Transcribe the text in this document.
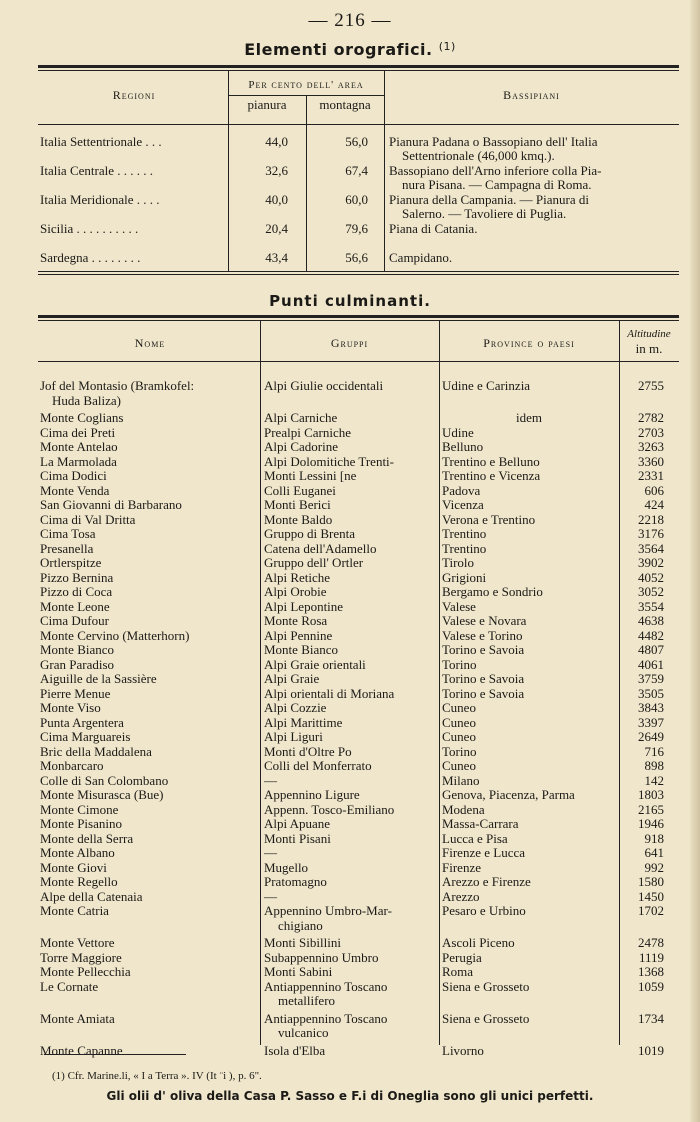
— 216 —
Elementi orografici. $^{(1)}$
Regioni
Per cento dell' area
pianura	montagna
Bassipiani
Italia Settentrionale . . .	44,0	56,0 Pianura Padana o Bassopiano dell' Italia
Settentrionale (46,000 kmq.).
Italia Centrale . . . . . .	32,6	67,4 Bassopiano dell'Arno inferiore colla Pia-
nura Pisana. — Campagna di Roma.
Italia Meridionale . . . .	40,0	60,0 Pianura della Campania. — Pianura di
Salerno. — Tavoliere di Puglia.
Sicilia . . . . . . . . . .	20,4	79,6 Piana di Catania.
Sardegna . . . . . . . .	43,4	56,6 Campidano.
Punti culminanti.
Nome	Gruppi	Province o paesi
Altitudine
in m.
Jof del Montasio (Bramkofel:
Huda Baliza)
Alpi Giulie occidentali	Udine e Carinzia	2755
Monte Coglians	Alpi Carniche	idem	2782
Cima dei Preti	Prealpi Carniche	Udine	2703
Monte Antelao	Alpi Cadorine	Belluno	3263
La Marmolada	Alpi Dolomitiche Trenti-	Trentino e Belluno	3360
Cima Dodici	Monti Lessini [ne	Trentino e Vicenza	2331
Monte Venda	Colli Euganei	Padova	606
San Giovanni di Barbarano	Monti Berici	Vicenza	424
Cima di Val Dritta	Monte Baldo	Verona e Trentino	2218
Cima Tosa	Gruppo di Brenta	Trentino	3176
Presanella	Catena dell'Adamello	Trentino	3564
Ortlerspitze	Gruppo dell' Ortler	Tirolo	3902
Pizzo Bernina	Alpi Retiche	Grigioni	4052
Pizzo di Coca	Alpi Orobie	Bergamo e Sondrio	3052
Monte Leone	Alpi Lepontine	Valese	3554
Cima Dufour	Monte Rosa	Valese e Novara	4638
Monte Cervino (Matterhorn)	Alpi Pennine	Valese e Torino	4482
Monte Bianco	Monte Bianco	Torino e Savoia	4807
Gran Paradiso	Alpi Graie orientali	Torino	4061
Aiguille de la Sassière	Alpi Graie	Torino e Savoia	3759
Pierre Menue	Alpi orientali di Moriana	Torino e Savoia	3505
Monte Viso	Alpi Cozzie	Cuneo	3843
Punta Argentera	Alpi Marittime	Cuneo	3397
Cima Marguareis	Alpi Liguri	Cuneo	2649
Bric della Maddalena	Monti d'Oltre Po	Torino	716
Monbarcaro	Colli del Monferrato	Cuneo	898
Colle di San Colombano	—	Milano	142
Monte Misurasca (Bue)	Appennino Ligure	Genova, Piacenza, Parma	1803
Monte Cimone	Appenn. Tosco-Emiliano	Modena	2165
Monte Pisanino	Alpi Apuane	Massa-Carrara	1946
Monte della Serra	Monti Pisani	Lucca e Pisa	918
Monte Albano	—	Firenze e Lucca	641
Monte Giovi	Mugello	Firenze	992
Monte Regello	Pratomagno	Arezzo e Firenze	1580
Alpe della Catenaia	—	Arezzo	1450
Monte Catria	Appennino Umbro-Mar-
chigiano
Pesaro e Urbino	1702
Monte Vettore	Monti Sibillini	Ascoli Piceno	2478
Torre Maggiore	Subappennino Umbro	Perugia	1119
Monte Pellecchia	Monti Sabini	Roma	1368
Le Cornate	Antiappennino Toscano
metallifero
Siena e Grosseto	1059
Monte Amiata	Antiappennino Toscano
vulcanico
Siena e Grosseto	1734
Monte Capanne	Isola d'Elba	Livorno	1019
(1) Cfr. Marine.li, « I a Terra ». IV (It ¨i ), p. 6".
Gli olii d' oliva della Casa P. Sasso e F.i di Oneglia sono gli unici perfetti.
